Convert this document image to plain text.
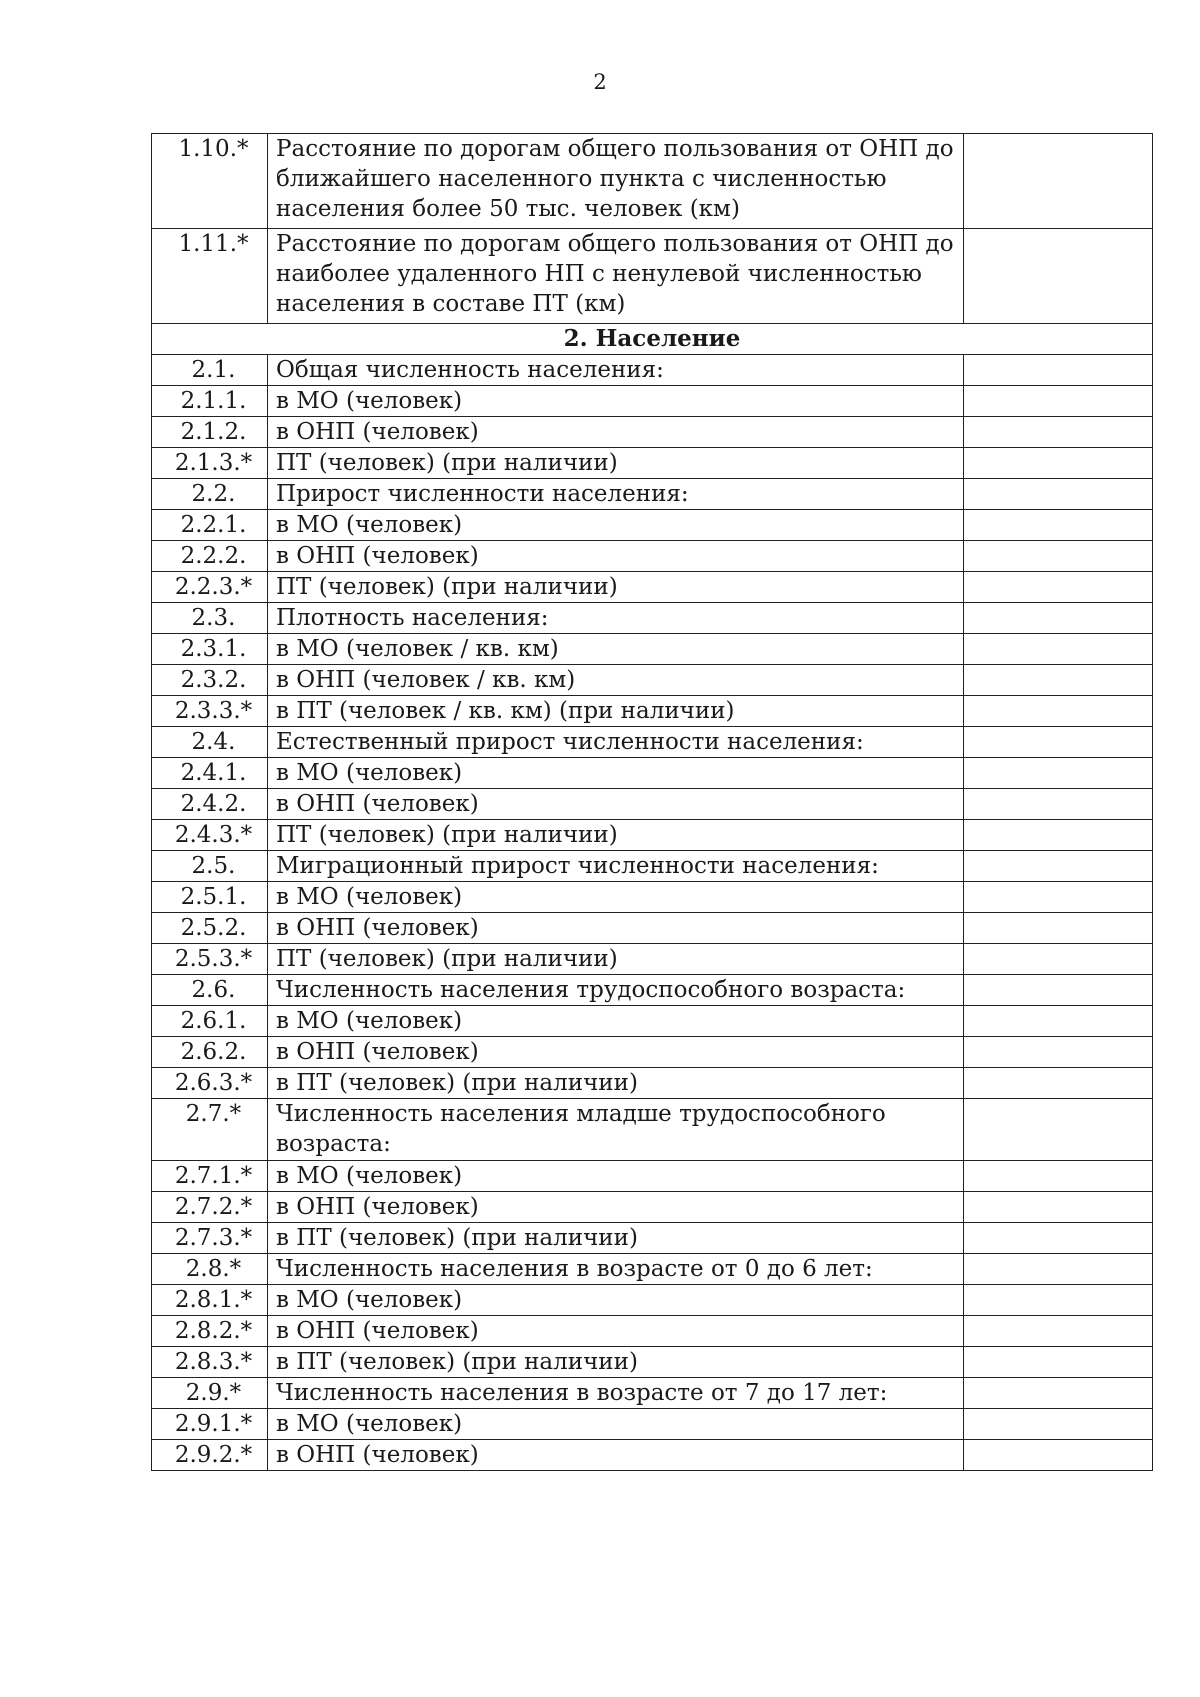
2
1.10.*	Расстояние по дорогам общего пользования от ОНП до ближайшего населенного пункта с численностью населения более 50 тыс. человек (км)	
1.11.*	Расстояние по дорогам общего пользования от ОНП до наиболее удаленного НП с ненулевой численностью населения в составе ПТ (км)	
2. Население		
2.1.	Общая численность населения:	
2.1.1.	в МО (человек)	
2.1.2.	в ОНП (человек)	
2.1.3.*	ПТ (человек) (при наличии)	
2.2.	Прирост численности населения:	
2.2.1.	в МО (человек)	
2.2.2.	в ОНП (человек)	
2.2.3.*	ПТ (человек) (при наличии)	
2.3.	Плотность населения:	
2.3.1.	в МО (человек / кв. км)	
2.3.2.	в ОНП (человек / кв. км)	
2.3.3.*	в ПТ (человек / кв. км) (при наличии)	
2.4.	Естественный прирост численности населения:	
2.4.1.	в МО (человек)	
2.4.2.	в ОНП (человек)	
2.4.3.*	ПТ (человек) (при наличии)	
2.5.	Миграционный прирост численности населения:	
2.5.1.	в МО (человек)	
2.5.2.	в ОНП (человек)	
2.5.3.*	ПТ (человек) (при наличии)	
2.6.	Численность населения трудоспособного возраста:	
2.6.1.	в МО (человек)	
2.6.2.	в ОНП (человек)	
2.6.3.*	в ПТ (человек) (при наличии)	
2.7.*	Численность населения младше трудоспособного возраста:	
2.7.1.*	в МО (человек)	
2.7.2.*	в ОНП (человек)	
2.7.3.*	в ПТ (человек) (при наличии)	
2.8.*	Численность населения в возрасте от 0 до 6 лет:	
2.8.1.*	в МО (человек)	
2.8.2.*	в ОНП (человек)	
2.8.3.*	в ПТ (человек) (при наличии)	
2.9.*	Численность населения в возрасте от 7 до 17 лет:	
2.9.1.*	в МО (человек)	
2.9.2.*	в ОНП (человек)	
